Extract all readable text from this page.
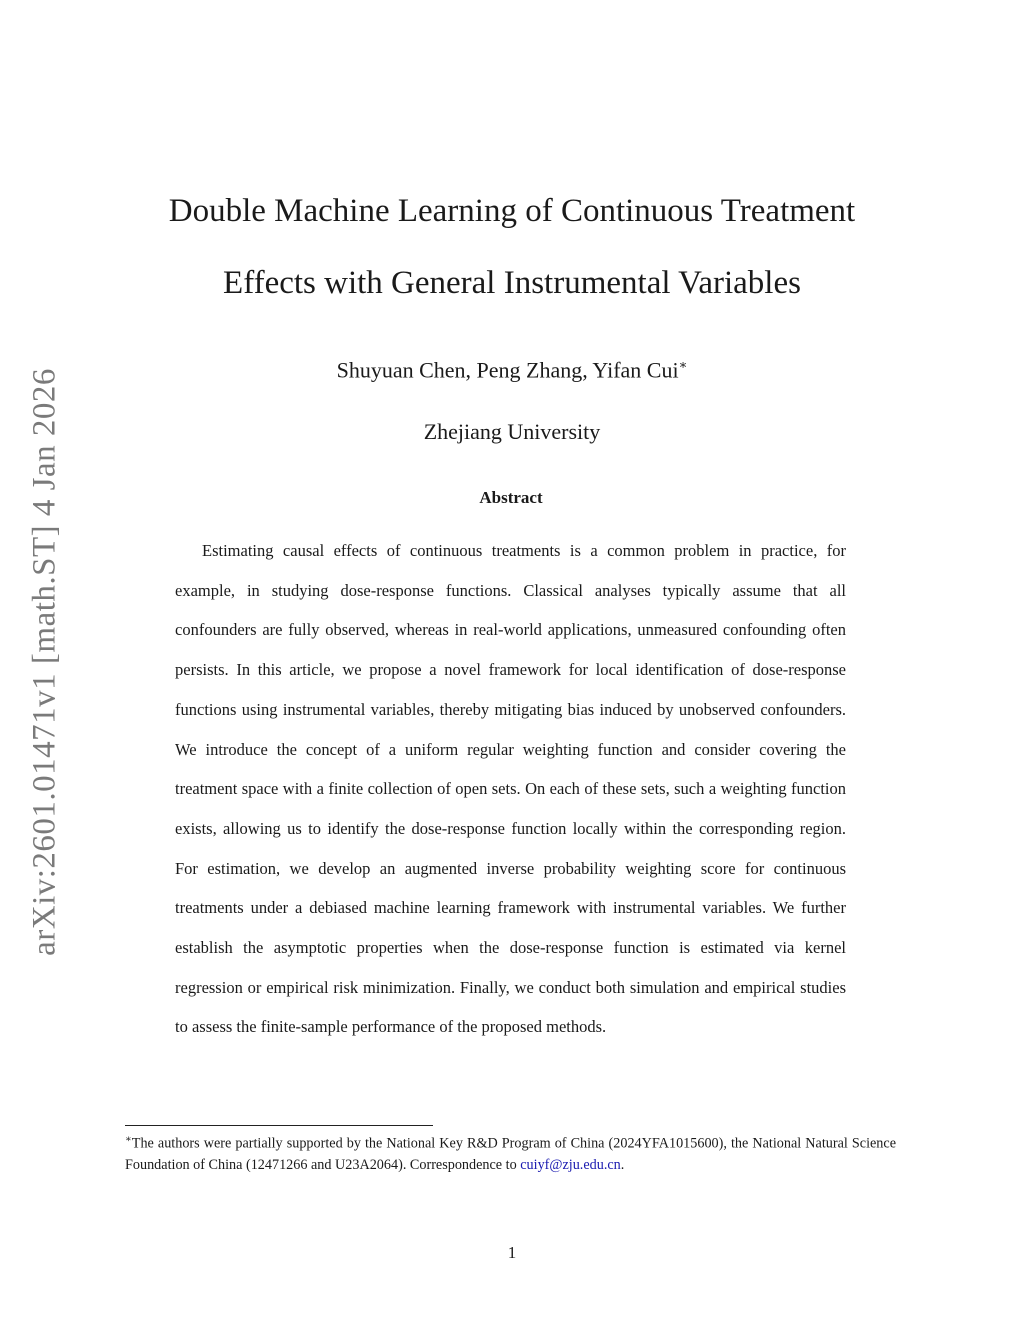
arXiv:2601.01471v1 [math.ST] 4 Jan 2026
Double Machine Learning of Continuous Treatment
Effects with General Instrumental Variables
Shuyuan Chen, Peng Zhang, Yifan Cui∗
Zhejiang University
Abstract

Estimating causal effects of continuous treatments is a common problem in practice, for example, in studying dose-response functions. Classical analyses typically assume that all confounders are fully observed, whereas in real-world applications, unmeasured confounding often persists. In this article, we propose a novel framework for local identification of dose-response functions using instrumental variables, thereby mitigating bias induced by unobserved confounders. We introduce the concept of a uniform regular weighting function and consider covering the treatment space with a finite collection of open sets. On each of these sets, such a weighting function exists, allowing us to identify the dose-response function locally within the corresponding region. For estimation, we develop an augmented inverse probability weighting score for continuous treatments under a debiased machine learning framework with instrumental variables. We further establish the asymptotic properties when the dose-response function is estimated via kernel regression or empirical risk minimization. Finally, we conduct both simulation and empirical studies to assess the finite-sample performance of the proposed methods.

∗The authors were partially supported by the National Key R&D Program of China (2024YFA1015600), the National Natural Science Foundation of China (12471266 and U23A2064). Correspondence to cuiyf@zju.edu.cn.

1
